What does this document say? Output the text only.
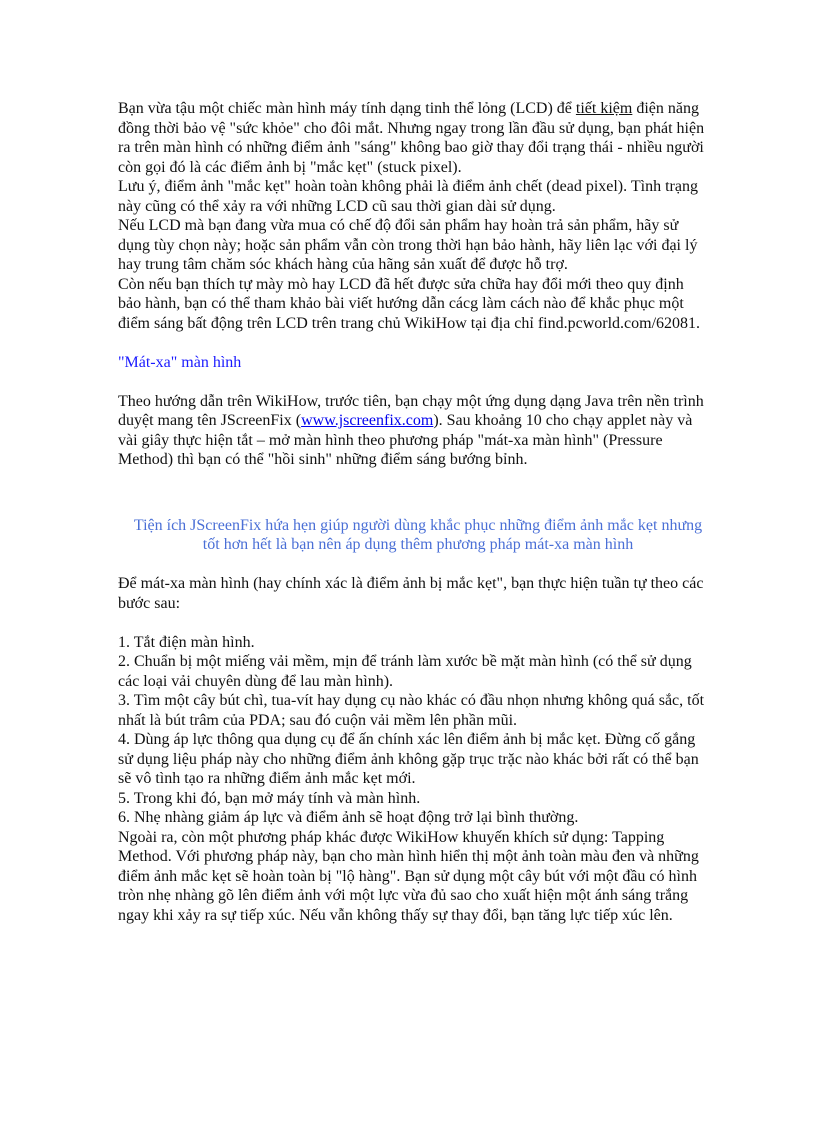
Bạn vừa tậu một chiếc màn hình máy tính dạng tinh thể lỏng (LCD) để tiết kiệm điện năng đồng thời bảo vệ "sức khỏe" cho đôi mắt. Nhưng ngay trong lần đầu sử dụng, bạn phát hiện ra trên màn hình có những điểm ảnh "sáng" không bao giờ thay đổi trạng thái - nhiều người còn gọi đó là các điểm ảnh bị "mắc kẹt" (stuck pixel).

Lưu ý, điểm ảnh "mắc kẹt" hoàn toàn không phải là điểm ảnh chết (dead pixel). Tình trạng này cũng có thể xảy ra với những LCD cũ sau thời gian dài sử dụng.

Nếu LCD mà bạn đang vừa mua có chế độ đổi sản phẩm hay hoàn trả sản phẩm, hãy sử dụng tùy chọn này; hoặc sản phẩm vẫn còn trong thời hạn bảo hành, hãy liên lạc với đại lý hay trung tâm chăm sóc khách hàng của hãng sản xuất để được hỗ trợ.

Còn nếu bạn thích tự mày mò hay LCD đã hết được sửa chữa hay đổi mới theo quy định bảo hành, bạn có thể tham khảo bài viết hướng dẫn cácg làm cách nào để khắc phục một điểm sáng bất động trên LCD trên trang chủ WikiHow tại địa chỉ find.pcworld.com/62081.

"Mát-xa" màn hình

Theo hướng dẫn trên WikiHow, trước tiên, bạn chạy một ứng dụng dạng Java trên nền trình duyệt mang tên JScreenFix (www.jscreenfix.com). Sau khoảng 10 cho chạy applet này và vài giây thực hiện tắt – mở màn hình theo phương pháp "mát-xa màn hình" (Pressure Method) thì bạn có thể "hồi sinh" những điểm sáng bướng bỉnh.

Tiện ích JScreenFix hứa hẹn giúp người dùng khắc phục những điểm ảnh mắc kẹt nhưng
tốt hơn hết là bạn nên áp dụng thêm phương pháp mát-xa màn hình

Để mát-xa màn hình (hay chính xác là điểm ảnh bị mắc kẹt", bạn thực hiện tuần tự theo các bước sau:

1. Tắt điện màn hình.

2. Chuẩn bị một miếng vải mềm, mịn để tránh làm xước bề mặt màn hình (có thể sử dụng các loại vải chuyên dùng để lau màn hình).

3. Tìm một cây bút chì, tua-vít hay dụng cụ nào khác có đầu nhọn nhưng không quá sắc, tốt nhất là bút trâm của PDA; sau đó cuộn vải mềm lên phần mũi.

4. Dùng áp lực thông qua dụng cụ để ấn chính xác lên điểm ảnh bị mắc kẹt. Đừng cố gắng sử dụng liệu pháp này cho những điểm ảnh không gặp trục trặc nào khác bởi rất có thể bạn sẽ vô tình tạo ra những điểm ảnh mắc kẹt mới.

5. Trong khi đó, bạn mở máy tính và màn hình.

6. Nhẹ nhàng giảm áp lực và điểm ảnh sẽ hoạt động trở lại bình thường.

Ngoài ra, còn một phương pháp khác được WikiHow khuyến khích sử dụng: Tapping Method. Với phương pháp này, bạn cho màn hình hiển thị một ảnh toàn màu đen và những điểm ảnh mắc kẹt sẽ hoàn toàn bị "lộ hàng". Bạn sử dụng một cây bút với một đầu có hình tròn nhẹ nhàng gõ lên điểm ảnh với một lực vừa đủ sao cho xuất hiện một ánh sáng trắng ngay khi xảy ra sự tiếp xúc. Nếu vẫn không thấy sự thay đổi, bạn tăng lực tiếp xúc lên.
